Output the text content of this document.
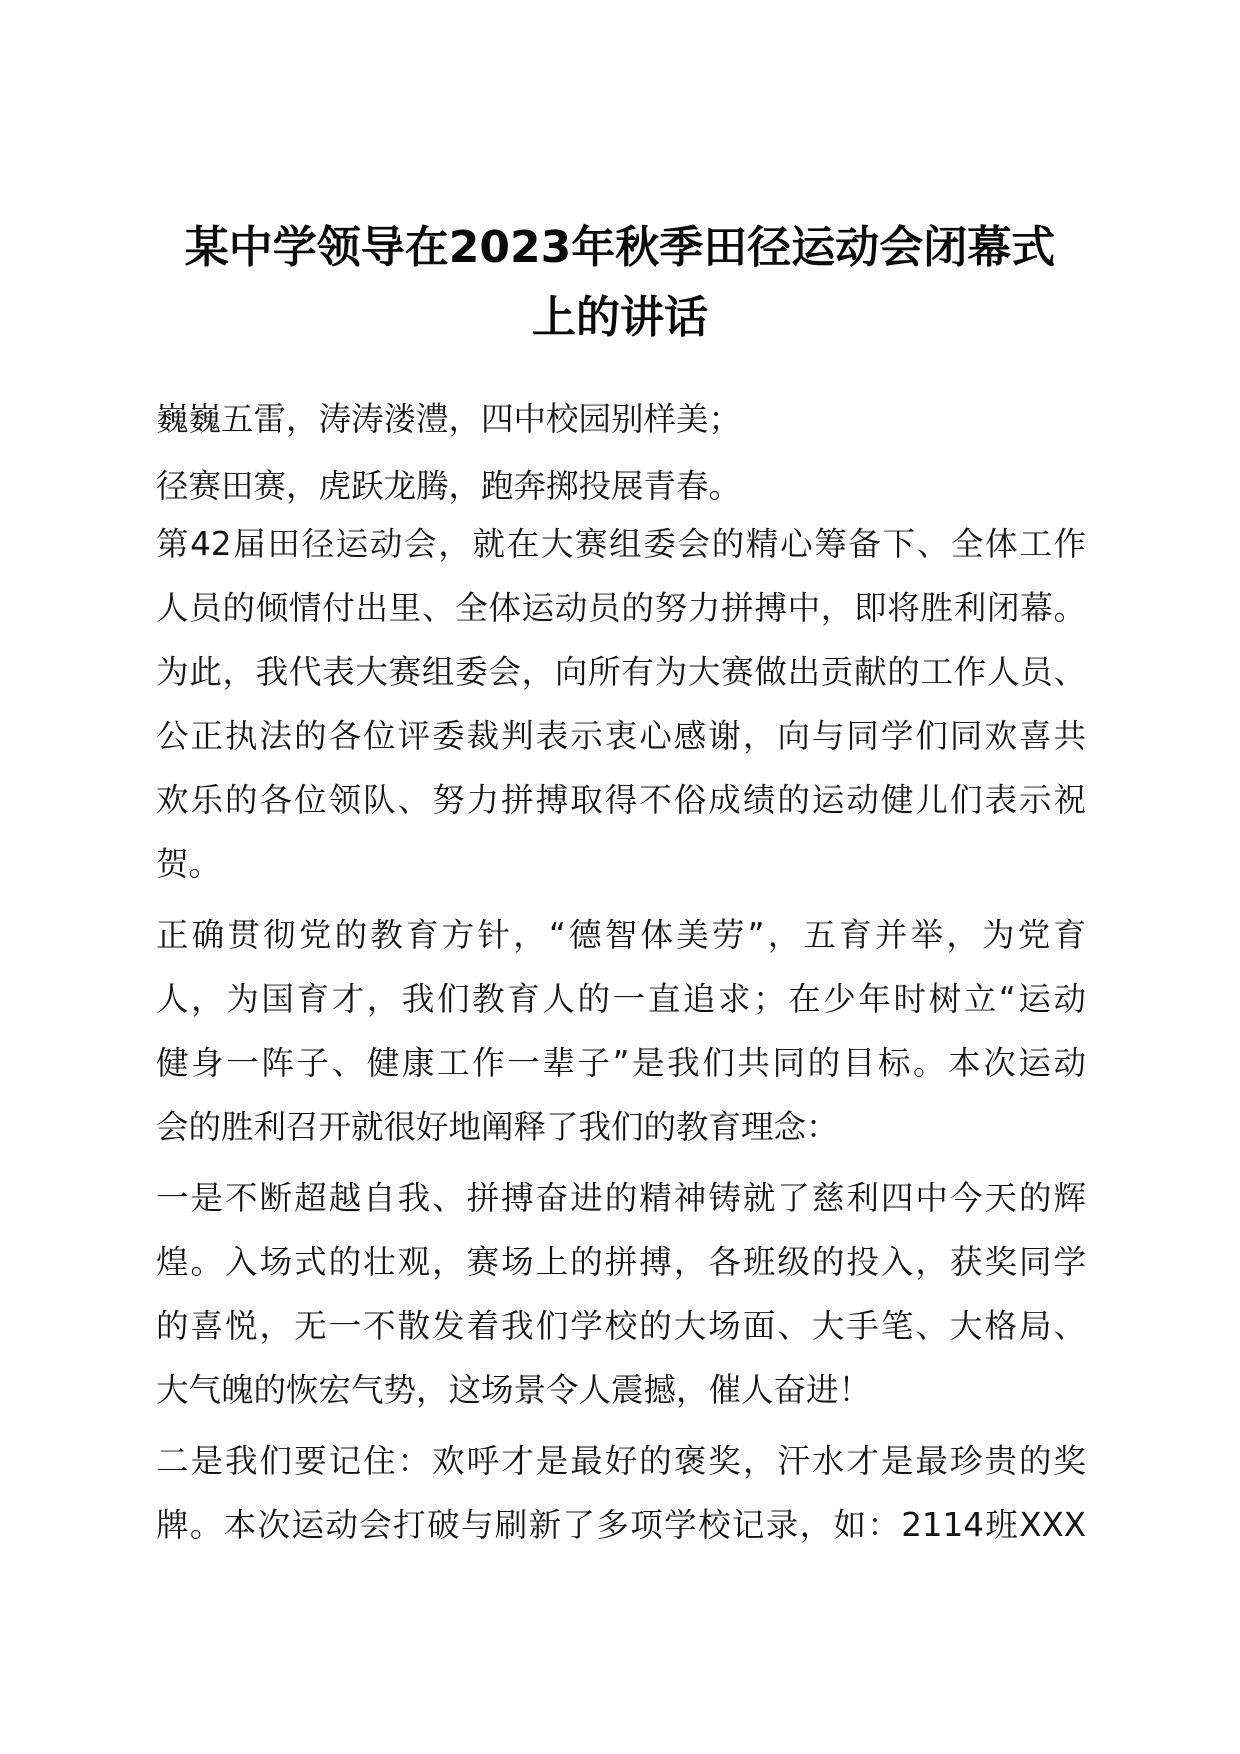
某中学领导在2023年秋季田径运动会闭幕式
上的讲话
巍巍五雷，涛涛溇澧，四中校园别样美；
径赛田赛，虎跃龙腾，跑奔掷投展青春。
第42届田径运动会，就在大赛组委会的精心筹备下、全体工作
人员的倾情付出里、全体运动员的努力拼搏中，即将胜利闭幕。
为此，我代表大赛组委会，向所有为大赛做出贡献的工作人员、
公正执法的各位评委裁判表示衷心感谢，向与同学们同欢喜共
欢乐的各位领队、努力拼搏取得不俗成绩的运动健儿们表示祝
贺。
正确贯彻党的教育方针，“德智体美劳”，五育并举，为党育
人，为国育才，我们教育人的一直追求；在少年时树立“运动
健身一阵子、健康工作一辈子”是我们共同的目标。本次运动
会的胜利召开就很好地阐释了我们的教育理念：
一是不断超越自我、拼搏奋进的精神铸就了慈利四中今天的辉
煌。入场式的壮观，赛场上的拼搏，各班级的投入，获奖同学
的喜悦，无一不散发着我们学校的大场面、大手笔、大格局、
大气魄的恢宏气势，这场景令人震撼，催人奋进！
二是我们要记住：欢呼才是最好的褒奖，汗水才是最珍贵的奖
牌。本次运动会打破与刷新了多项学校记录，如：2114班XXX
